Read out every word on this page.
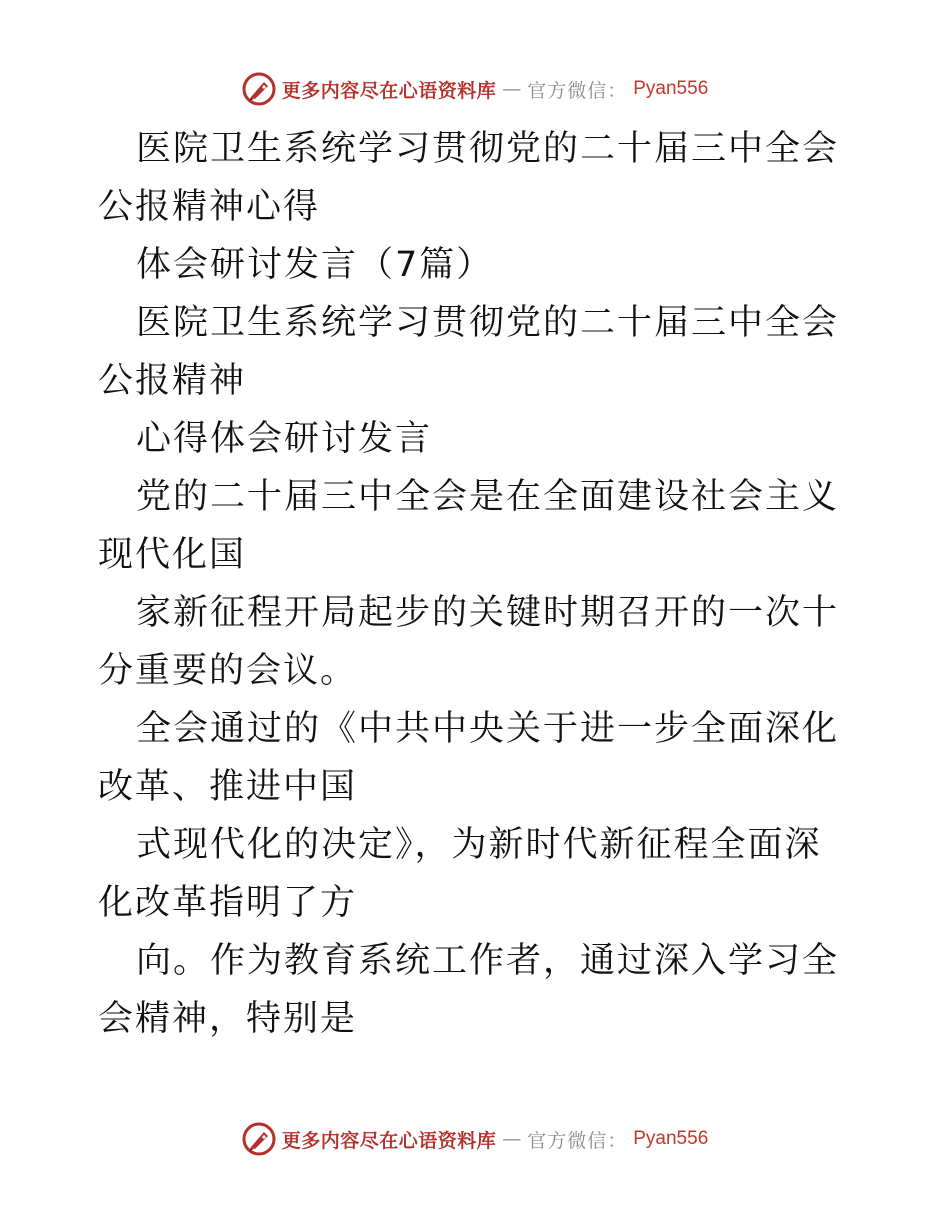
更多内容尽在心语资料库 — 官方微信： Pyan556

医院卫生系统学习贯彻党的二十届三中全会公报精神心得

体会研讨发言（7篇）

医院卫生系统学习贯彻党的二十届三中全会公报精神

心得体会研讨发言

党的二十届三中全会是在全面建设社会主义现代化国

家新征程开局起步的关键时期召开的一次十分重要的会议。

全会通过的《中共中央关于进一步全面深化改革、推进中国

式现代化的决定》，为新时代新征程全面深化改革指明了方

向。作为教育系统工作者，通过深入学习全会精神，特别是

更多内容尽在心语资料库 — 官方微信： Pyan556
